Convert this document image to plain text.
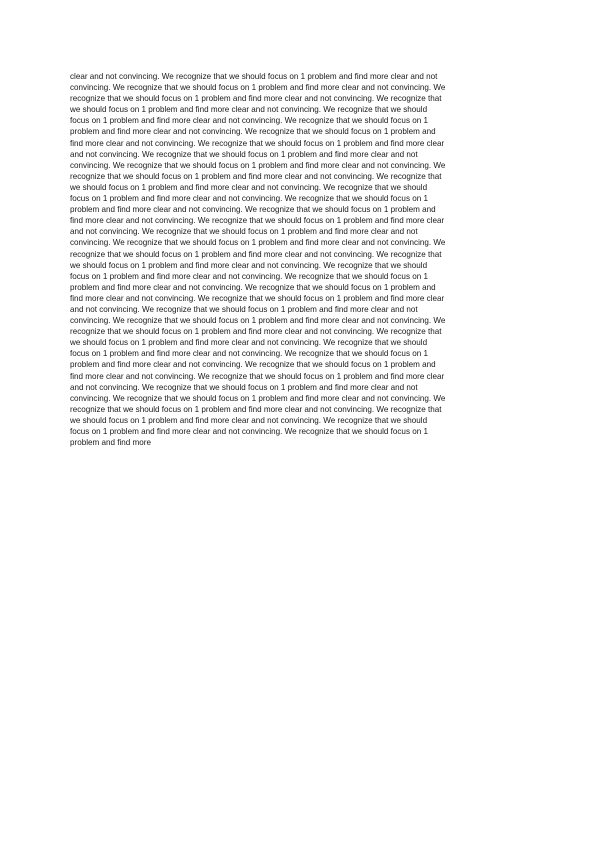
clear and not convincing. We recognize that we should focus on 1 problem and find more clear and not
convincing. We recognize that we should focus on 1 problem and find more clear and not convincing. We
recognize that we should focus on 1 problem and find more clear and not convincing. We recognize that
we should focus on 1 problem and find more clear and not convincing. We recognize that we should
focus on 1 problem and find more clear and not convincing. We recognize that we should focus on 1
problem and find more clear and not convincing. We recognize that we should focus on 1 problem and
find more clear and not convincing. We recognize that we should focus on 1 problem and find more clear
and not convincing. We recognize that we should focus on 1 problem and find more clear and not
convincing. We recognize that we should focus on 1 problem and find more clear and not convincing. We
recognize that we should focus on 1 problem and find more clear and not convincing. We recognize that
we should focus on 1 problem and find more clear and not convincing. We recognize that we should
focus on 1 problem and find more clear and not convincing. We recognize that we should focus on 1
problem and find more clear and not convincing. We recognize that we should focus on 1 problem and
find more clear and not convincing. We recognize that we should focus on 1 problem and find more clear
and not convincing. We recognize that we should focus on 1 problem and find more clear and not
convincing. We recognize that we should focus on 1 problem and find more clear and not convincing. We
recognize that we should focus on 1 problem and find more clear and not convincing. We recognize that
we should focus on 1 problem and find more clear and not convincing. We recognize that we should
focus on 1 problem and find more clear and not convincing. We recognize that we should focus on 1
problem and find more clear and not convincing. We recognize that we should focus on 1 problem and
find more clear and not convincing. We recognize that we should focus on 1 problem and find more clear
and not convincing. We recognize that we should focus on 1 problem and find more clear and not
convincing. We recognize that we should focus on 1 problem and find more clear and not convincing. We
recognize that we should focus on 1 problem and find more clear and not convincing. We recognize that
we should focus on 1 problem and find more clear and not convincing. We recognize that we should
focus on 1 problem and find more clear and not convincing. We recognize that we should focus on 1
problem and find more clear and not convincing. We recognize that we should focus on 1 problem and
find more clear and not convincing. We recognize that we should focus on 1 problem and find more clear
and not convincing. We recognize that we should focus on 1 problem and find more clear and not
convincing. We recognize that we should focus on 1 problem and find more clear and not convincing. We
recognize that we should focus on 1 problem and find more clear and not convincing. We recognize that
we should focus on 1 problem and find more clear and not convincing. We recognize that we should
focus on 1 problem and find more clear and not convincing. We recognize that we should focus on 1
problem and find more
